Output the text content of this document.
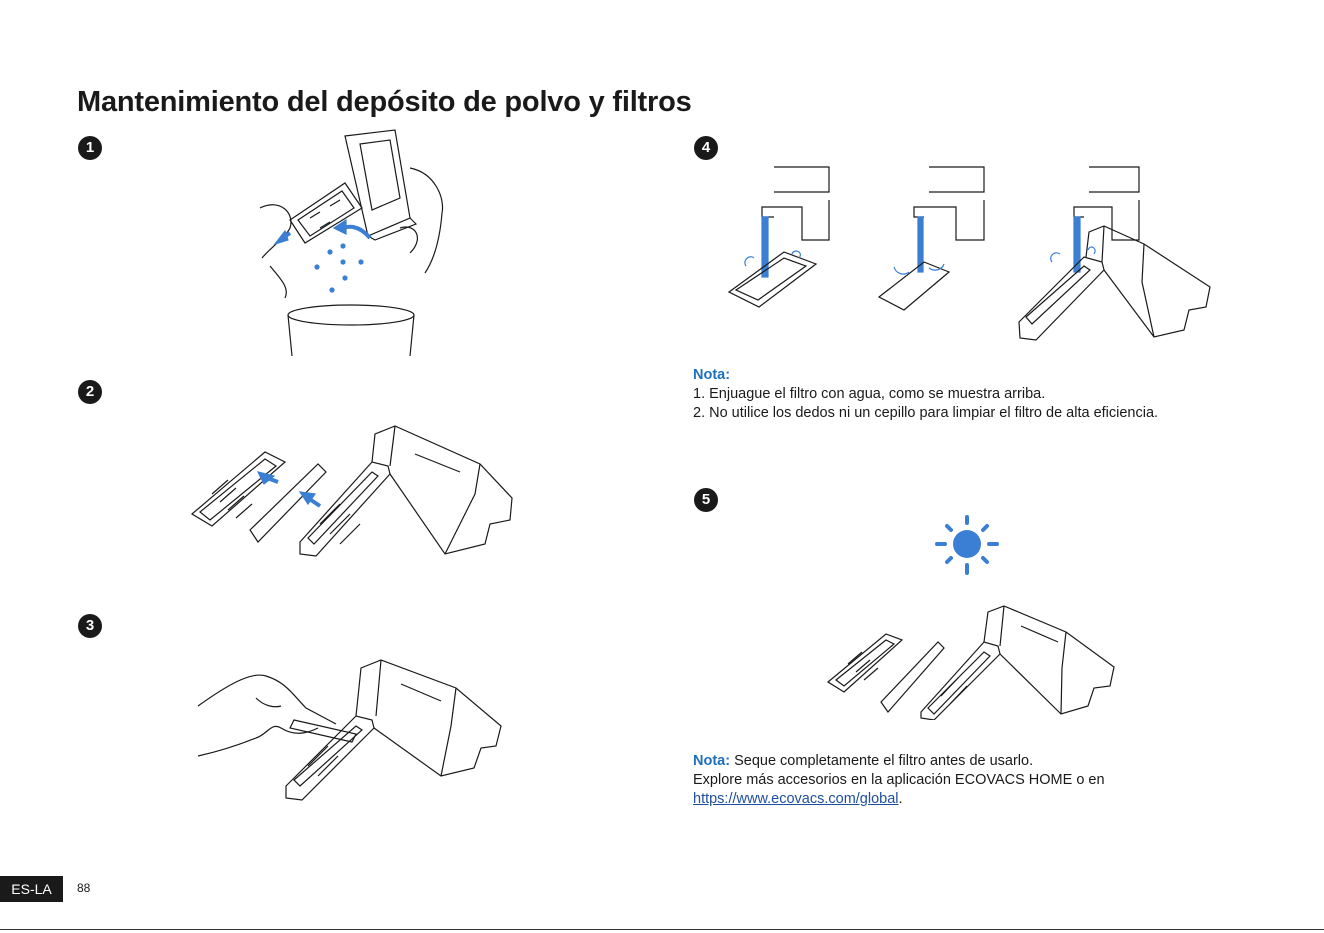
Mantenimiento del depósito de polvo y filtros
1
2
3
4
5
Nota:
1. Enjuague el filtro con agua, como se muestra arriba.
2. No utilice los dedos ni un cepillo para limpiar el filtro de alta eficiencia.
Nota: Seque completamente el filtro antes de usarlo.
Explore más accesorios en la aplicación ECOVACS HOME o en
https://www.ecovacs.com/global.
ES-LA	88
